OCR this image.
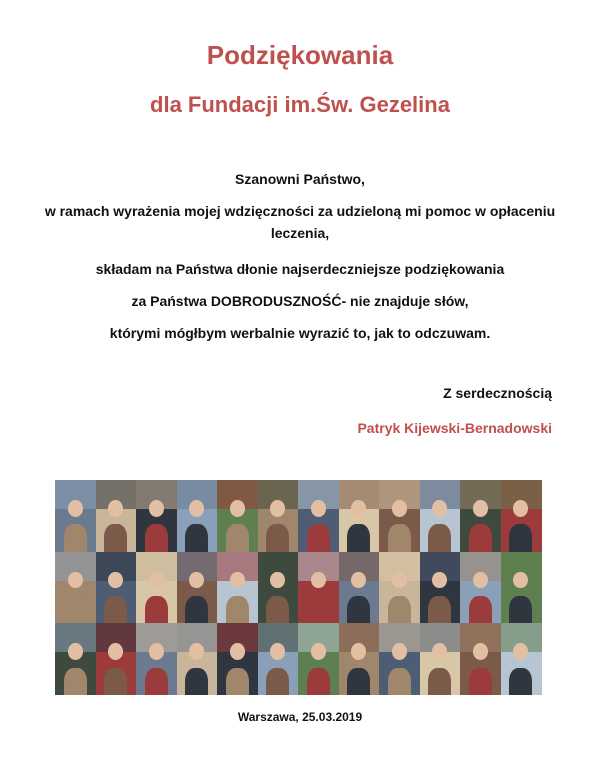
Podziękowania
dla Fundacji im.Św. Gezelina
Szanowni Państwo,
w ramach wyrażenia mojej wdzięczności za udzieloną mi pomoc w opłaceniu leczenia,
składam na Państwa dłonie najserdeczniejsze podziękowania
za Państwa DOBRODUSZNOŚĆ- nie znajduje słów,
którymi mógłbym werbalnie wyrazić to, jak to odczuwam.
Z serdecznością
Patryk Kijewski-Bernadowski
Warszawa, 25.03.2019
